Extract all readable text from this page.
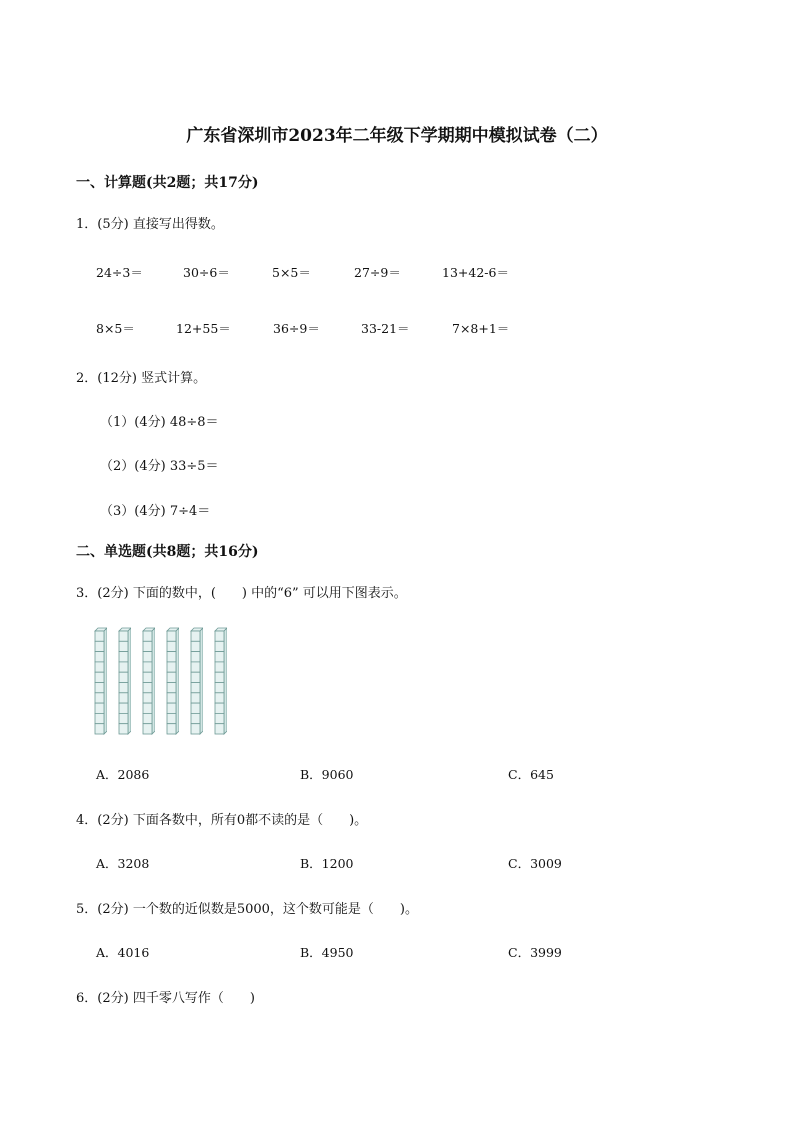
广东省深圳市2023年二年级下学期期中模拟试卷（二）
一、计算题(共2题；共17分)
1．(5分) 直接写出得数。
24÷3＝	30÷6＝	5×5＝	27÷9＝	13+42-6＝
8×5＝	12+55＝	36÷9＝	33-21＝	7×8+1＝
2．(12分) 竖式计算。
（1）(4分) 48÷8＝
（2）(4分) 33÷5＝
（3）(4分) 7÷4＝
二、单选题(共8题；共16分)
3．(2分) 下面的数中，(　　) 中的“6” 可以用下图表示。
A．2086	B．9060	C．645
4．(2分) 下面各数中，所有0都不读的是（　　)。
A．3208	B．1200	C．3009
5．(2分) 一个数的近似数是5000，这个数可能是（　　)。
A．4016	B．4950	C．3999
6．(2分) 四千零八写作（　　)
